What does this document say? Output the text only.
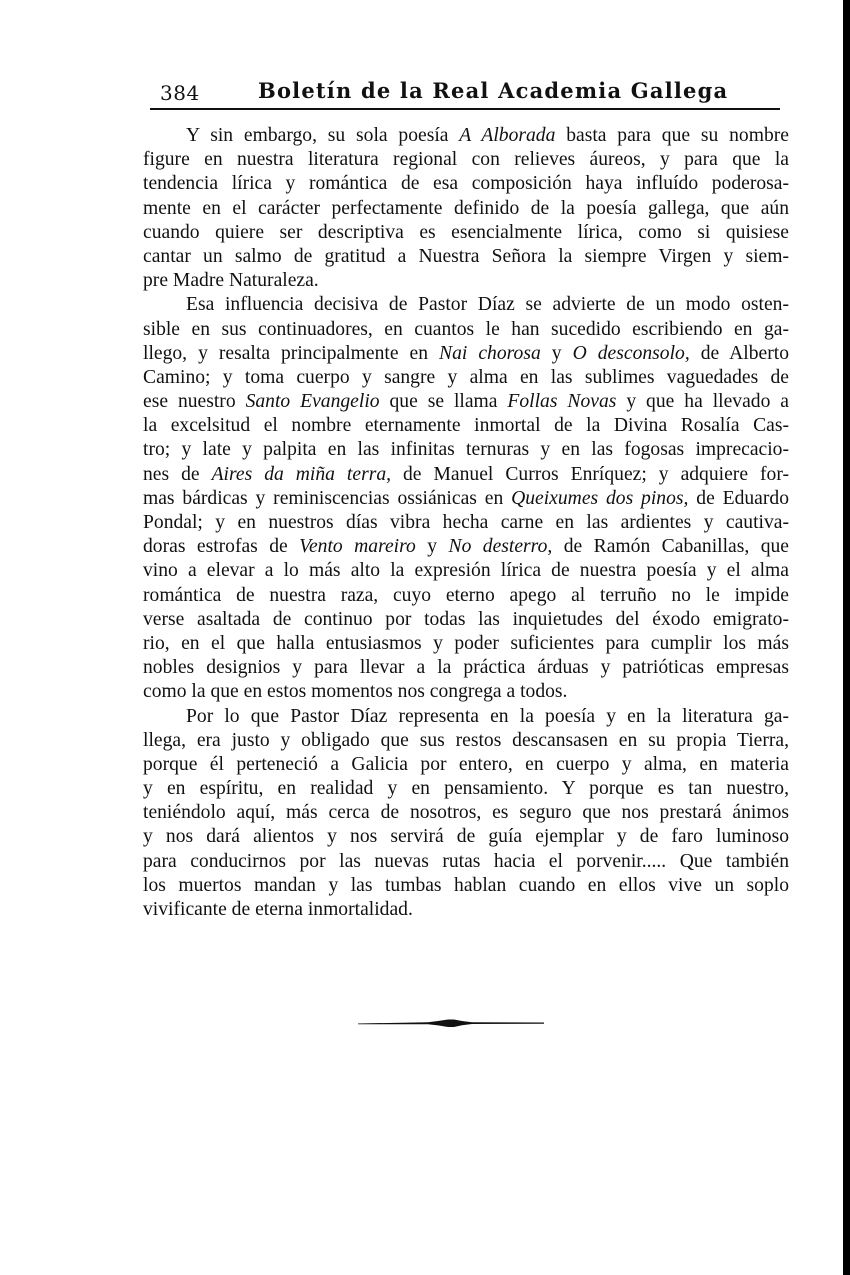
384	Boletín de la Real Academia Gallega
Y sin embargo, su sola poesía A Alborada basta para que su nombre
figure en nuestra literatura regional con relieves áureos, y para que la
tendencia lírica y romántica de esa composición haya influído poderosa-
mente en el carácter perfectamente definido de la poesía gallega, que aún
cuando quiere ser descriptiva es esencialmente lírica, como si quisiese
cantar un salmo de gratitud a Nuestra Señora la siempre Virgen y siem-
pre Madre Naturaleza.
Esa influencia decisiva de Pastor Díaz se advierte de un modo osten-
sible en sus continuadores, en cuantos le han sucedido escribiendo en ga-
llego, y resalta principalmente en Nai chorosa y O desconsolo, de Alberto
Camino; y toma cuerpo y sangre y alma en las sublimes vaguedades de
ese nuestro Santo Evangelio que se llama Follas Novas y que ha llevado a
la excelsitud el nombre eternamente inmortal de la Divina Rosalía Cas-
tro; y late y palpita en las infinitas ternuras y en las fogosas imprecacio-
nes de Aires da miña terra, de Manuel Curros Enríquez; y adquiere for-
mas bárdicas y reminiscencias ossiánicas en Queixumes dos pinos, de Eduardo
Pondal; y en nuestros días vibra hecha carne en las ardientes y cautiva-
doras estrofas de Vento mareiro y No desterro, de Ramón Cabanillas, que
vino a elevar a lo más alto la expresión lírica de nuestra poesía y el alma
romántica de nuestra raza, cuyo eterno apego al terruño no le impide
verse asaltada de continuo por todas las inquietudes del éxodo emigrato-
rio, en el que halla entusiasmos y poder suficientes para cumplir los más
nobles designios y para llevar a la práctica árduas y patrióticas empresas
como la que en estos momentos nos congrega a todos.
Por lo que Pastor Díaz representa en la poesía y en la literatura ga-
llega, era justo y obligado que sus restos descansasen en su propia Tierra,
porque él perteneció a Galicia por entero, en cuerpo y alma, en materia
y en espíritu, en realidad y en pensamiento. Y porque es tan nuestro,
teniéndolo aquí, más cerca de nosotros, es seguro que nos prestará ánimos
y nos dará alientos y nos servirá de guía ejemplar y de faro luminoso
para conducirnos por las nuevas rutas hacia el porvenir..... Que también
los muertos mandan y las tumbas hablan cuando en ellos vive un soplo
vivificante de eterna inmortalidad.
